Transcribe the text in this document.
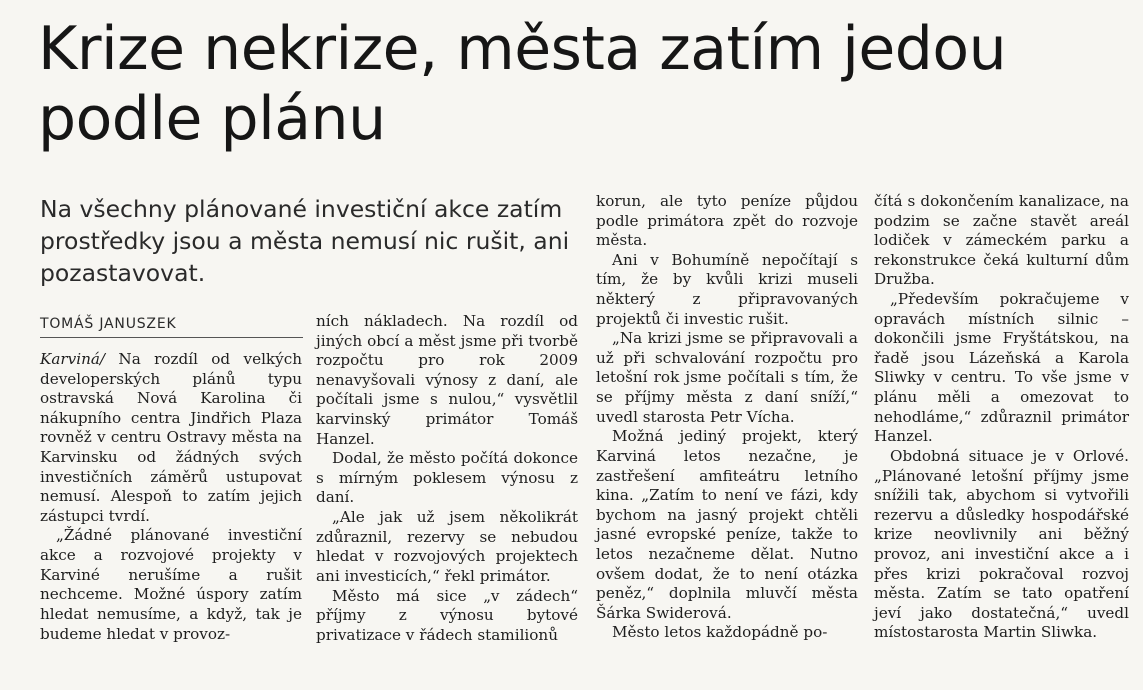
Krize nekrize, města zatím jedou podle plánu

Na všechny plánované investiční akce zatím prostředky jsou a města nemusí nic rušit, ani pozastavovat.

TOMÁŠ JANUSZEK

Karviná/ Na rozdíl od velkých developerských plánů typu ostravská Nová Karolina či nákupního centra Jindřich Plaza rovněž v centru Ostravy města na Karvinsku od žádných svých investičních záměrů ustupovat nemusí. Alespoň to zatím jejich zástupci tvrdí.

„Žádné plánované investiční akce a rozvojové projekty v Karviné nerušíme a rušit nechceme. Možné úspory zatím hledat nemusíme, a když, tak je budeme hledat v provoz-

ních nákladech. Na rozdíl od jiných obcí a měst jsme při tvorbě rozpočtu pro rok 2009 nenavyšovali výnosy z daní, ale počítali jsme s nulou,“ vysvětlil karvinský primátor Tomáš Hanzel.

Dodal, že město počítá dokonce s mírným poklesem výnosu z daní.

„Ale jak už jsem několikrát zdůraznil, rezervy se nebudou hledat v rozvojových projektech ani investicích,“ řekl primátor.

Město má sice „v zádech“ příjmy z výnosu bytové privatizace v řádech stamilionů

korun, ale tyto peníze půjdou podle primátora zpět do rozvoje města.

Ani v Bohumíně nepočítají s tím, že by kvůli krizi museli některý z připravovaných projektů či investic rušit.

„Na krizi jsme se připravovali a už při schvalování rozpočtu pro letošní rok jsme počítali s tím, že se příjmy města z daní sníží,“ uvedl starosta Petr Vícha.

Možná jediný projekt, který Karviná letos nezačne, je zastřešení amfiteátru letního kina. „Zatím to není ve fázi, kdy bychom na jasný projekt chtěli jasné evropské peníze, takže to letos nezačneme dělat. Nutno ovšem dodat, že to není otázka peněz,“ doplnila mluvčí města Šárka Swiderová.

Město letos každopádně po-

čítá s dokončením kanalizace, na podzim se začne stavět areál lodiček v zámeckém parku a rekonstrukce čeká kulturní dům Družba.

„Především pokračujeme v opravách místních silnic – dokončili jsme Fryštátskou, na řadě jsou Lázeňská a Karola Sliwky v centru. To vše jsme v plánu měli a omezovat to nehodláme,“ zdůraznil primátor Hanzel.

Obdobná situace je v Orlové. „Plánované letošní příjmy jsme snížili tak, abychom si vytvořili rezervu a důsledky hospodářské krize neovlivnily ani běžný provoz, ani investiční akce a i přes krizi pokračoval rozvoj města. Zatím se tato opatření jeví jako dostatečná,“ uvedl místostarosta Martin Sliwka.
